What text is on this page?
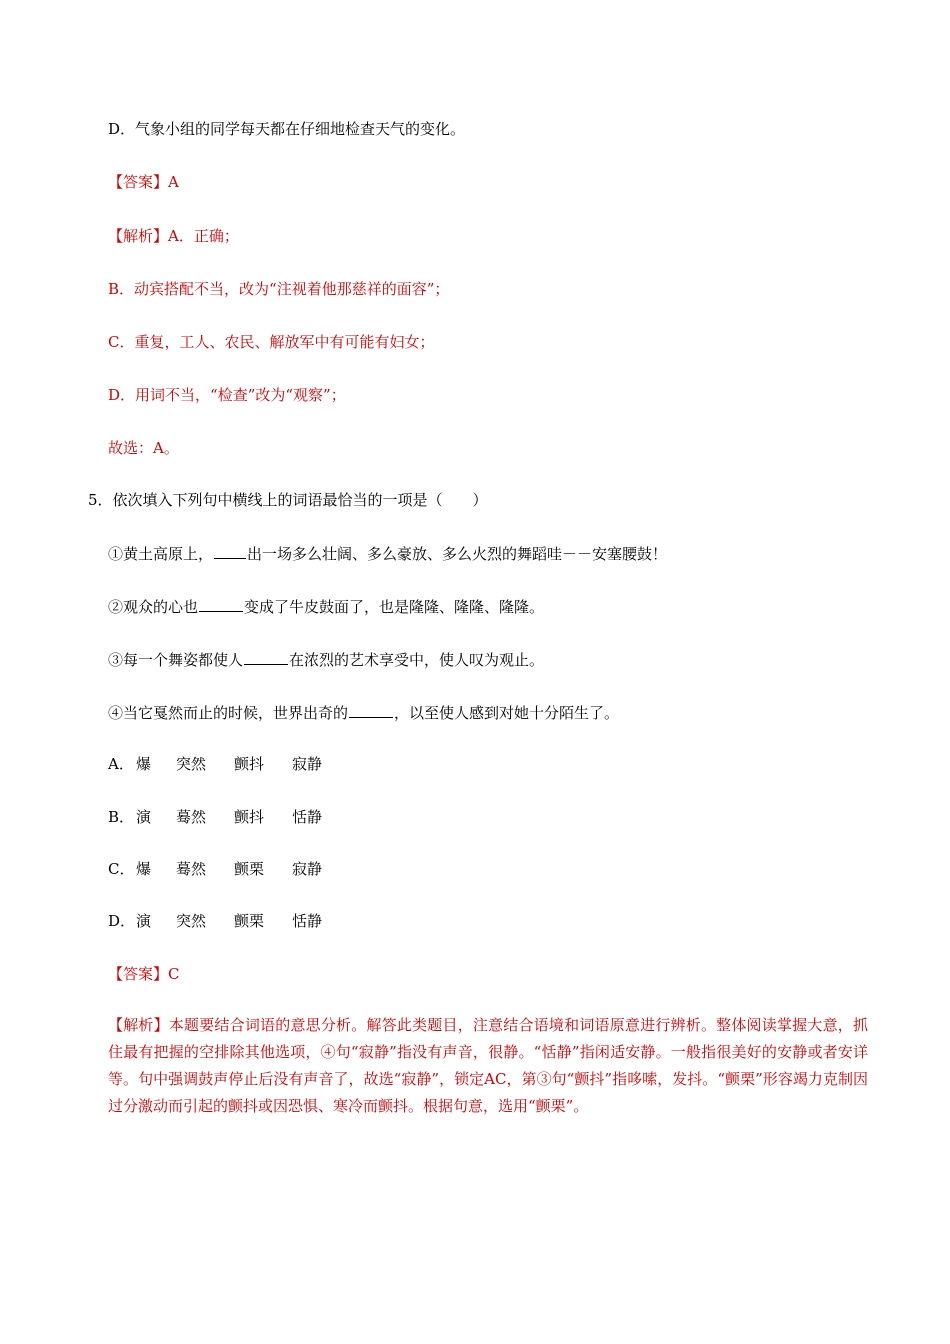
D．气象小组的同学每天都在仔细地检查天气的变化。
【答案】A
【解析】A．正确；
B．动宾搭配不当，改为“注视着他那慈祥的面容”；
C．重复，工人、农民、解放军中有可能有妇女；
D．用词不当，“检查”改为“观察”；
故选：A。
5．依次填入下列句中横线上的词语最恰当的一项是（　　）
①黄土高原上， 出一场多么壮阔、多么豪放、多么火烈的舞蹈哇－－安塞腰鼓！
②观众的心也	变成了牛皮鼓面了，也是隆隆、隆隆、隆隆。
③每一个舞姿都使人	在浓烈的艺术享受中，使人叹为观止。
④当它戛然而止的时候，世界出奇的	，以至使人感到对她十分陌生了。
A． 爆 突然 颤抖 寂静
B． 演 蓦然 颤抖 恬静
C． 爆 蓦然 颤栗 寂静
D．演 突然 颤栗 恬静
【答案】C
【解析】本题要结合词语的意思分析。解答此类题目，注意结合语境和词语原意进行辨析。整体阅读掌握大意，抓住最有把握的空排除其他选项，④句“寂静”指没有声音，很静。“恬静”指闲适安静。一般指很美好的安静或者安详等。句中强调鼓声停止后没有声音了，故选“寂静”，锁定AC，第③句“颤抖”指哆嗦，发抖。“颤栗”形容竭力克制因过分激动而引起的颤抖或因恐惧、寒冷而颤抖。根据句意，选用“颤栗”。
